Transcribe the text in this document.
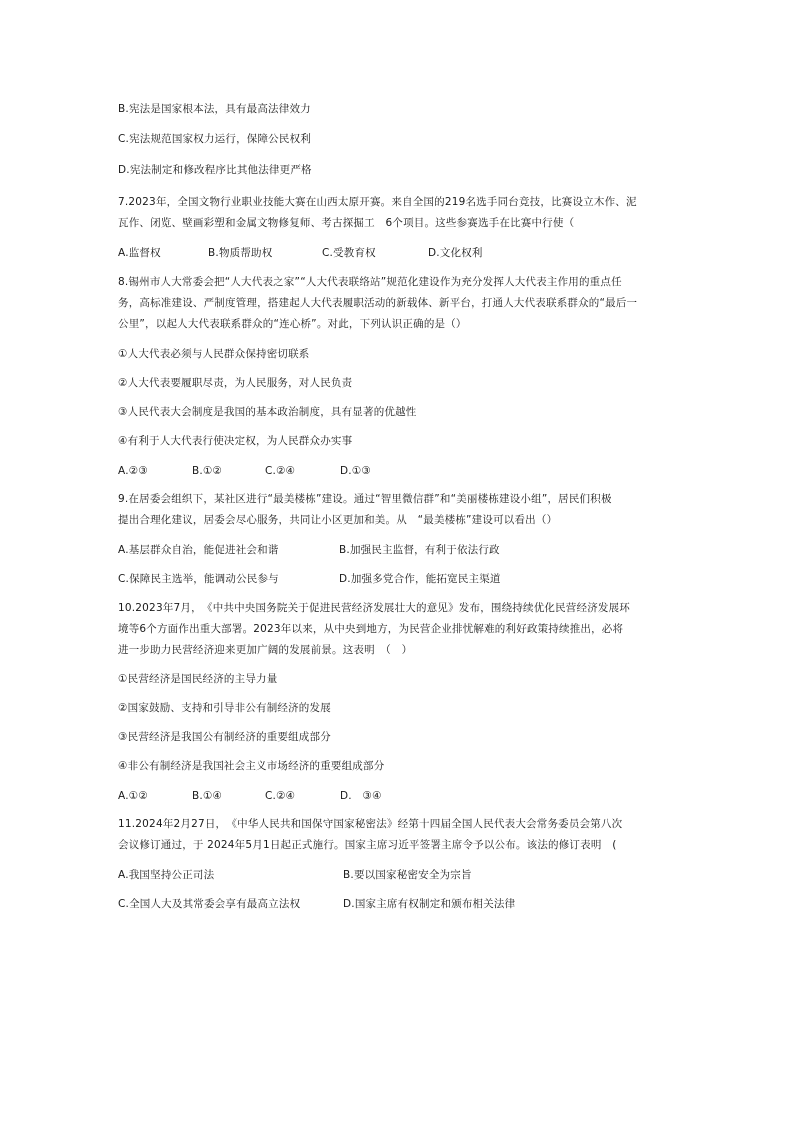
B.宪法是国家根本法，具有最高法律效力
C.宪法规范国家权力运行，保障公民权利
D.宪法制定和修改程序比其他法律更严格
7.2023年，全国文物行业职业技能大赛在山西太原开赛。来自全国的219名选手同台竞技，比赛设立木作、泥
瓦作、闭览、壁画彩塑和金属文物修复师、考古探掘工　6个项目。这些参赛选手在比赛中行使（
A.监督权	B.物质帮助权	C.受教育权	D.文化权利
8.锡州市人大常委会把“人大代表之家”“人大代表联络站”规范化建设作为充分发挥人大代表主作用的重点任
务，高标准建设、严制度管理，搭建起人大代表履职活动的新载体、新平台，打通人大代表联系群众的“最后一
公里”，以起人大代表联系群众的“连心桥”。对此，下列认识正确的是（）
①人大代表必须与人民群众保持密切联系
②人大代表要履职尽责，为人民服务，对人民负责
③人民代表大会制度是我国的基本政治制度，具有显著的优越性
④有利于人大代表行使决定权，为人民群众办实事
A.②③	B.①②	C.②④	D.①③
9.在居委会组织下，某社区进行“最美楼栋”建设。通过“智里微信群”和“美丽楼栋建设小组”，居民们积极
提出合理化建议，居委会尽心服务，共同让小区更加和美。从　“最美楼栋”建设可以看出（）
A.基层群众自治，能促进社会和谐	B.加强民主监督，有利于依法行政
C.保障民主选举，能调动公民参与	D.加强多党合作，能拓宽民主渠道
10.2023年7月，　《中共中央国务院关于促进民营经济发展壮大的意见》发布，围绕持续优化民营经济发展环
境等6个方面作出重大部署。2023年以来，从中央到地方，为民营企业排忧解难的利好政策持续推出，必将
进一步助力民营经济迎来更加广阔的发展前景。这表明　（　）
①民营经济是国民经济的主导力量
②国家鼓励、支持和引导非公有制经济的发展
③民营经济是我国公有制经济的重要组成部分
④非公有制经济是我国社会主义市场经济的重要组成部分
A.①②	B.①④	C.②④	D.　③④
11.2024年2月27日，　《中华人民共和国保守国家秘密法》经第十四届全国人民代表大会常务委员会第八次
会议修订通过，于 2024年5月1日起正式施行。国家主席习近平签署主席令予以公布。该法的修订表明　(
A.我国坚持公正司法	B.要以国家秘密安全为宗旨
C.全国人大及其常委会享有最高立法权	D.国家主席有权制定和颁布相关法律
